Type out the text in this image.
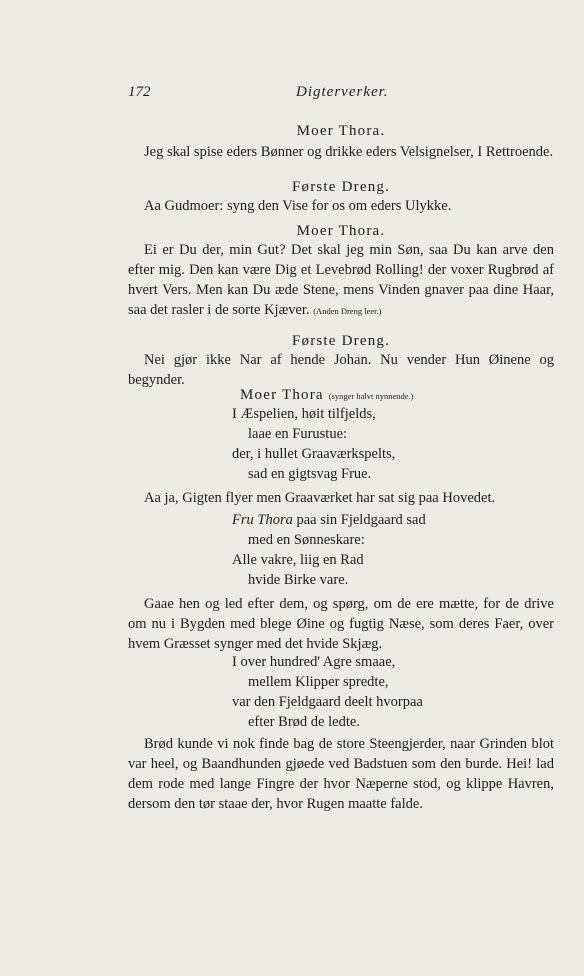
172	Digterverker.
Moer Thora.
Jeg skal spise eders Bønner og drikke eders Velsignelser, I Rettroende.
Første Dreng.
Aa Gudmoer: syng den Vise for os om eders Ulykke.
Moer Thora.
Ei er Du der, min Gut? Det skal jeg min Søn, saa Du kan arve den efter mig. Den kan være Dig et Levebrød Rolling! der voxer Rugbrød af hvert Vers. Men kan Du æde Stene, mens Vinden gnaver paa dine Haar, saa det rasler i de sorte Kjæver. (Anden Dreng leer.)
Første Dreng.
Nei gjør ikke Nar af hende Johan. Nu vender Hun Øinene og begynder.
Moer Thora (synger halvt nynnende.)
I Æspelien, høit tilfjelds,
laae en Furustue:
der, i hullet Graaværkspelts,
sad en gigtsvag Frue.
Aa ja, Gigten flyer men Graaværket har sat sig paa Hovedet.
Fru Thora paa sin Fjeldgaard sad
med en Sønneskare:
Alle vakre, liig en Rad
hvide Birke vare.
Gaae hen og led efter dem, og spørg, om de ere mætte, for de drive om nu i Bygden med blege Øine og fugtig Næse, som deres Faer, over hvem Græsset synger med det hvide Skjæg.
I over hundred' Agre smaae,
mellem Klipper spredte,
var den Fjeldgaard deelt hvorpaa
efter Brød de ledte.
Brød kunde vi nok finde bag de store Steengjerder, naar Grinden blot var heel, og Baandhunden gjøede ved Badstuen som den burde. Hei! lad dem rode med lange Fingre der hvor Næperne stod, og klippe Havren, dersom den tør staae der, hvor Rugen maatte falde.
